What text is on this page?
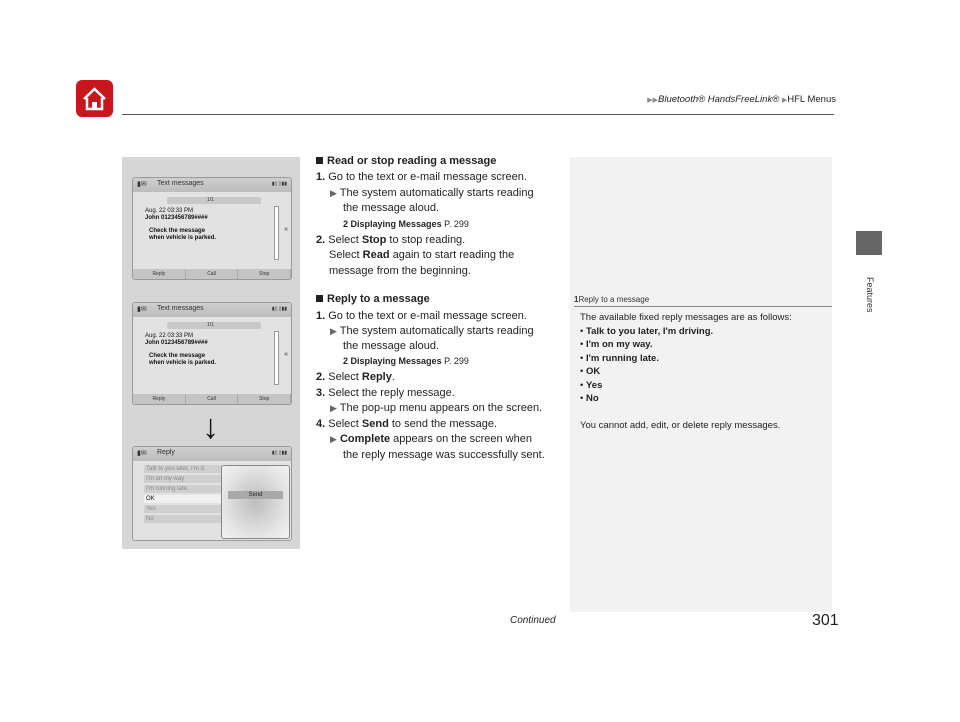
▶▶Bluetooth® HandsFreeLink® ▶HFL Menus
Features
▮✉ Text messages	▮▯ ▯▮▮
1/1
Aug. 22 03:33 PM
John 0123456789####
Check the message
when vehicle is parked.
«

Reply	Call	Stop
▮✉ Text messages	▮▯ ▯▮▮
1/1
Aug. 22 03:33 PM
John 0123456789####
Check the message
when vehicle is parked.
«

Reply	Call	Stop
↓
▮✉ Reply	▮▯ ▯▮▮
Talk to you later, I'm d
I'm on my way
I'm running late.
OK
Yes
No
Send
Read or stop reading a message
1. Go to the text or e-mail message screen.
▶ The system automatically starts reading
the message aloud.
2 Displaying Messages P. 299
2. Select Stop to stop reading.
Select Read again to start reading the
message from the beginning.
Reply to a message
1. Go to the text or e-mail message screen.
▶ The system automatically starts reading
the message aloud.
2 Displaying Messages P. 299
2. Select Reply.
3. Select the reply message.
▶ The pop-up menu appears on the screen.
4. Select Send to send the message.
▶ Complete appears on the screen when
the reply message was successfully sent.
1Reply to a message
The available fixed reply messages are as follows:
• Talk to you later, I'm driving.
• I'm on my way.
• I'm running late.
• OK
• Yes
• No
You cannot add, edit, or delete reply messages.
Continued	301
